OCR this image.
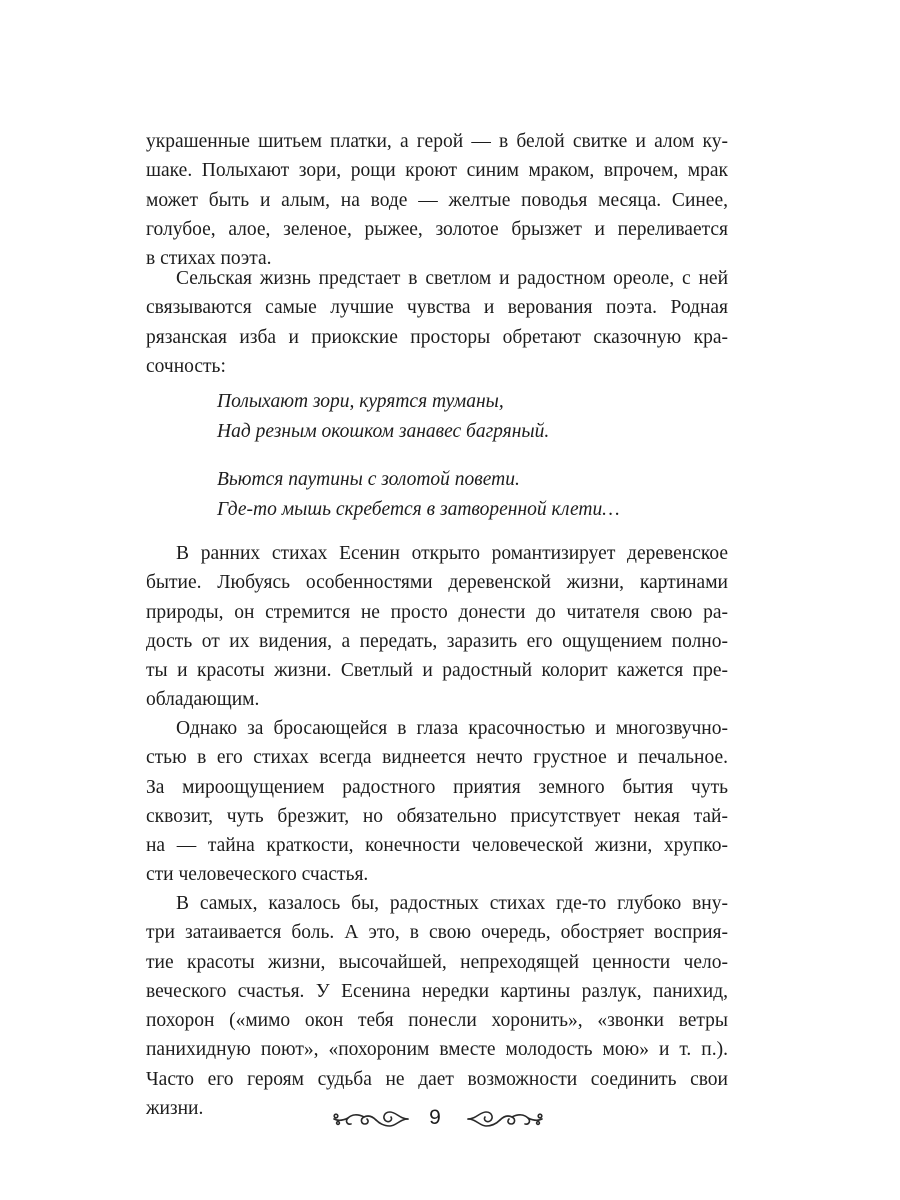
украшенные шитьем платки, а герой — в белой свитке и алом ку-
шаке. Полыхают зори, рощи кроют синим мраком, впрочем, мрак
может быть и алым, на воде — желтые поводья месяца. Синее,
голубое, алое, зеленое, рыжее, золотое брызжет и переливается
в стихах поэта.
Сельская жизнь предстает в светлом и радостном ореоле, с ней
связываются самые лучшие чувства и верования поэта. Родная
рязанская изба и приокские просторы обретают сказочную кра-
сочность:
Полыхают зори, курятся туманы,
Над резным окошком занавес багряный.
Вьются паутины с золотой повети.
Где-то мышь скребется в затворенной клети…
В ранних стихах Есенин открыто романтизирует деревенское
бытие. Любуясь особенностями деревенской жизни, картинами
природы, он стремится не просто донести до читателя свою ра-
дость от их видения, а передать, заразить его ощущением полно-
ты и красоты жизни. Светлый и радостный колорит кажется пре-
обладающим.
Однако за бросающейся в глаза красочностью и многозвучно-
стью в его стихах всегда виднеется нечто грустное и печальное.
За мироощущением радостного приятия земного бытия чуть
сквозит, чуть брезжит, но обязательно присутствует некая тай-
на — тайна краткости, конечности человеческой жизни, хрупко-
сти человеческого счастья.
В самых, казалось бы, радостных стихах где-то глубоко вну-
три затаивается боль. А это, в свою очередь, обостряет восприя-
тие красоты жизни, высочайшей, непреходящей ценности чело-
веческого счастья. У Есенина нередки картины разлук, панихид,
похорон («мимо окон тебя понесли хоронить», «звонки ветры
панихидную поют», «похороним вместе молодость мою» и т. п.).
Часто его героям судьба не дает возможности соединить свои
жизни.	9
